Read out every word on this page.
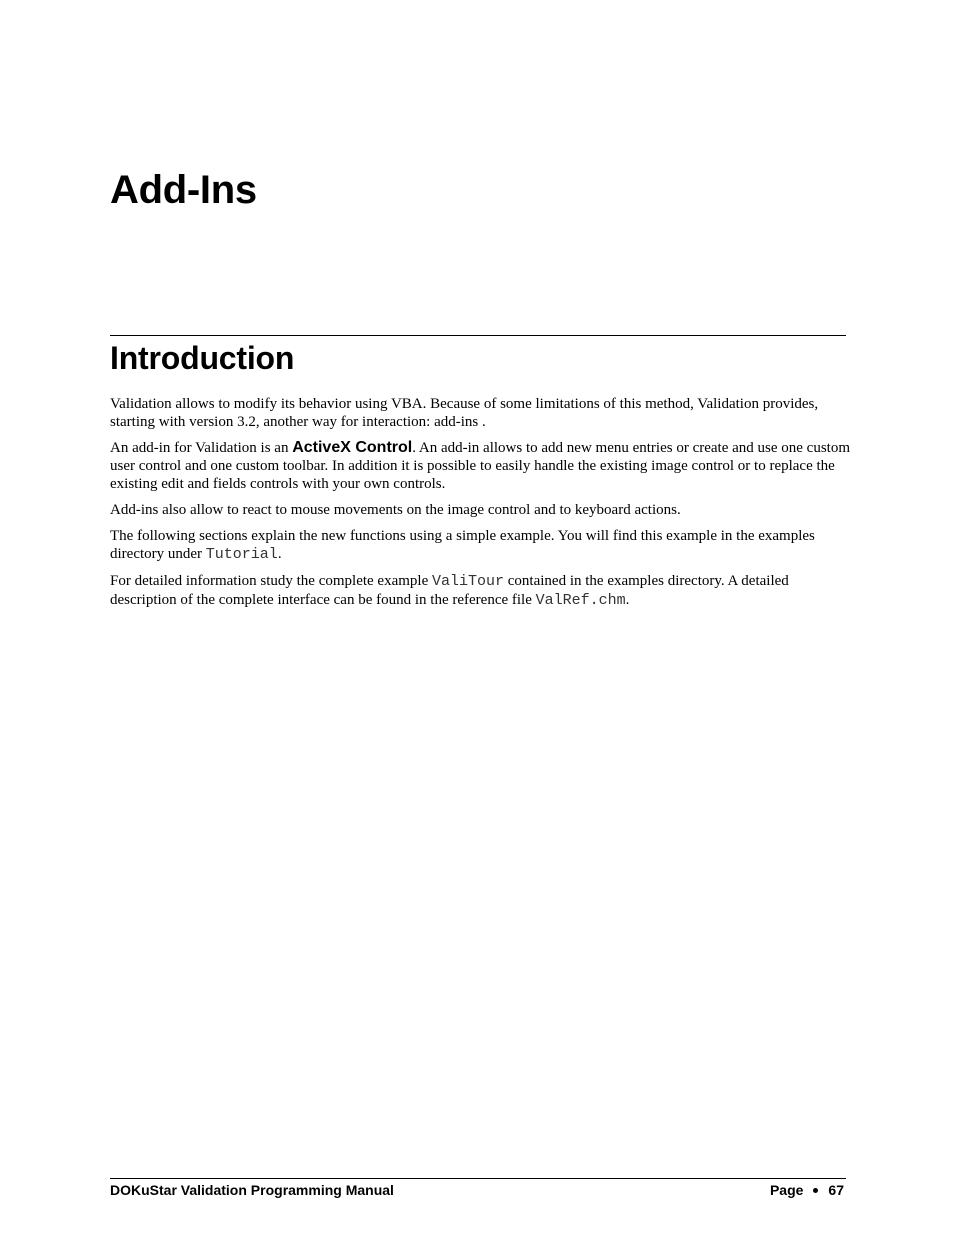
Add-Ins
Introduction

Validation allows to modify its behavior using VBA. Because of some limitations of this method, Validation provides, starting with version 3.2, another way for interaction: add-ins .

An add-in for Validation is an ActiveX Control. An add-in allows to add new menu entries or create and use one custom user control and one custom toolbar. In addition it is possible to easily handle the existing image control or to replace the existing edit and fields controls with your own controls.

Add-ins also allow to react to mouse movements on the image control and to keyboard actions.

The following sections explain the new functions using a simple example. You will find this example in the examples directory under Tutorial.

For detailed information study the complete example ValiTour contained in the examples directory. A detailed description of the complete interface can be found in the reference file ValRef.chm.

DOKuStar Validation Programming Manual	Page 67
